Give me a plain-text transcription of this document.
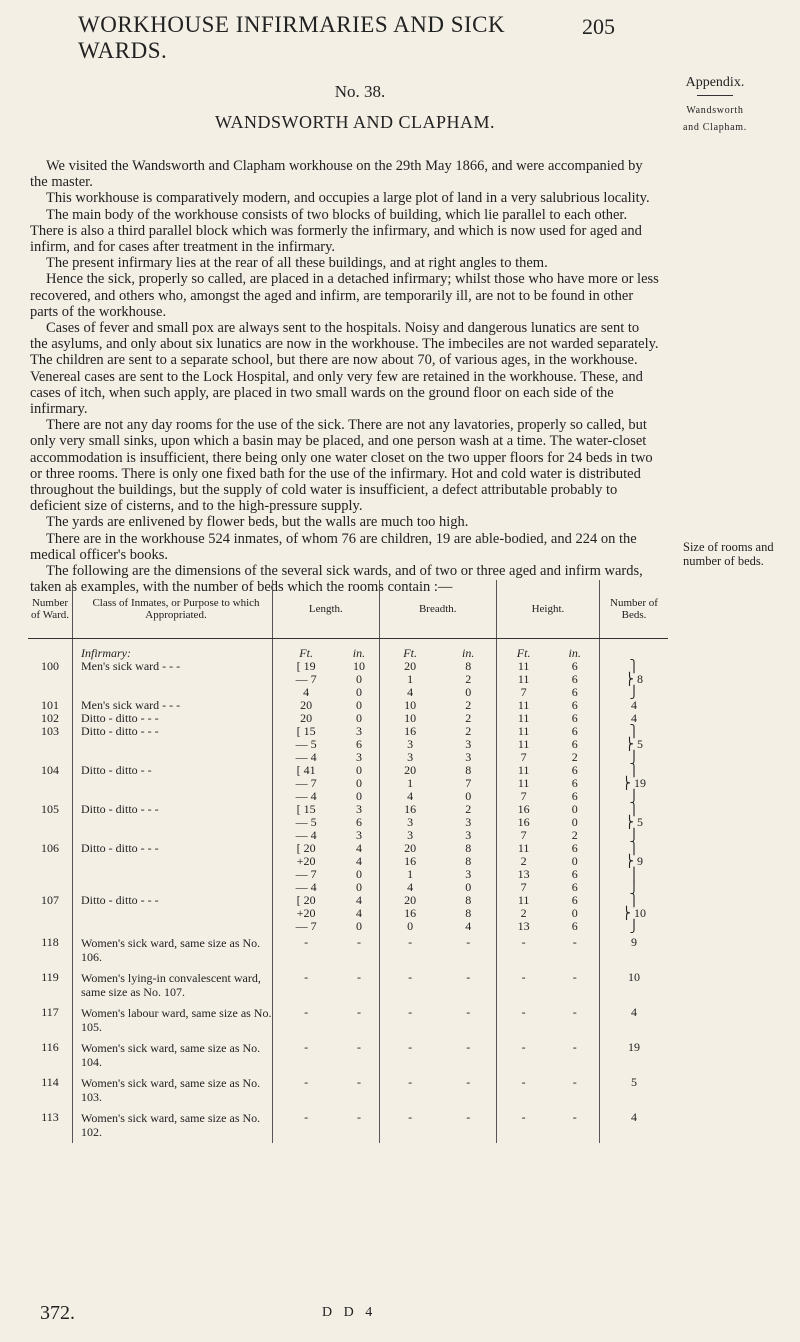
WORKHOUSE INFIRMARIES AND SICK WARDS.
205
No. 38.
WANDSWORTH AND CLAPHAM.
Appendix.
Wandsworth
and Clapham.

We visited the Wandsworth and Clapham workhouse on the 29th May 1866, and were accompanied by the master.

This workhouse is comparatively modern, and occupies a large plot of land in a very salubrious locality.

The main body of the workhouse consists of two blocks of building, which lie parallel to each other. There is also a third parallel block which was formerly the infirmary, and which is now used for aged and infirm, and for cases after treatment in the infirmary.

The present infirmary lies at the rear of all these buildings, and at right angles to them.

Hence the sick, properly so called, are placed in a detached infirmary; whilst those who have more or less recovered, and others who, amongst the aged and infirm, are temporarily ill, are not to be found in other parts of the workhouse.

Cases of fever and small pox are always sent to the hospitals. Noisy and dangerous lunatics are sent to the asylums, and only about six lunatics are now in the workhouse. The imbeciles are not warded separately. The children are sent to a separate school, but there are now about 70, of various ages, in the workhouse. Venereal cases are sent to the Lock Hospital, and only very few are retained in the workhouse. These, and cases of itch, when such apply, are placed in two small wards on the ground floor on each side of the infirmary.

There are not any day rooms for the use of the sick. There are not any lavatories, properly so called, but only very small sinks, upon which a basin may be placed, and one person wash at a time. The water-closet accommodation is insufficient, there being only one water closet on the two upper floors for 24 beds in two or three rooms. There is only one fixed bath for the use of the infirmary. Hot and cold water is distributed throughout the buildings, but the supply of cold water is insufficient, a defect attributable probably to deficient size of cisterns, and to the high-pressure supply.

The yards are enlivened by flower beds, but the walls are much too high.

There are in the workhouse 524 inmates, of whom 76 are children, 19 are able-bodied, and 224 on the medical officer's books.

The following are the dimensions of the several sick wards, and of two or three aged and infirm wards, taken as examples, with the number of beds which the rooms contain :—

Size of rooms and number of beds.
Number of Ward.	Class of Inmates, or Purpose to which Appropriated.	Length.		Breadth.		Height.		Number of Beds.
	Infirmary:	Ft.	in.	Ft.	in.	Ft.	in.	
100	Men's sick ward - - -	[ 19	10	20	8	11	6	⎫
		— 7	0	1	2	11	6	⎬ 8
		4	0	4	0	7	6	⎭
101	Men's sick ward - - -	20	0	10	2	11	6	4
102	Ditto - ditto - - -	20	0	10	2	11	6	4
103	Ditto - ditto - - -	[ 15	3	16	2	11	6	⎫
		— 5	6	3	3	11	6	⎬ 5
		— 4	3	3	3	7	2	⎭
104	Ditto - ditto - -	[ 41	0	20	8	11	6	⎫
		— 7	0	1	7	11	6	⎬ 19
		— 4	0	4	0	7	6	⎭
105	Ditto - ditto - - -	[ 15	3	16	2	16	0	⎫
		— 5	6	3	3	16	0	⎬ 5
		— 4	3	3	3	7	2	⎭
106	Ditto - ditto - - -	[ 20	4	20	8	11	6	⎫
		+20	4	16	8	2	0	⎬ 9
		— 7	0	1	3	13	6	⎪
		— 4	0	4	0	7	6	⎭
107	Ditto - ditto - - -	[ 20	4	20	8	11	6	⎫
		+20	4	16	8	2	0	⎬ 10
		— 7	0	0	4	13	6	⎭
118	Women's sick ward, same size as No. 106.	-	-	-	-	-	-	9
119	Women's lying-in convalescent ward, same size as No. 107.	-	-	-	-	-	-	10
117	Women's labour ward, same size as No. 105.	-	-	-	-	-	-	4
116	Women's sick ward, same size as No. 104.	-	-	-	-	-	-	19
114	Women's sick ward, same size as No. 103.	-	-	-	-	-	-	5
113	Women's sick ward, same size as No. 102.	-	-	-	-	-	-	4
372.	D D 4
